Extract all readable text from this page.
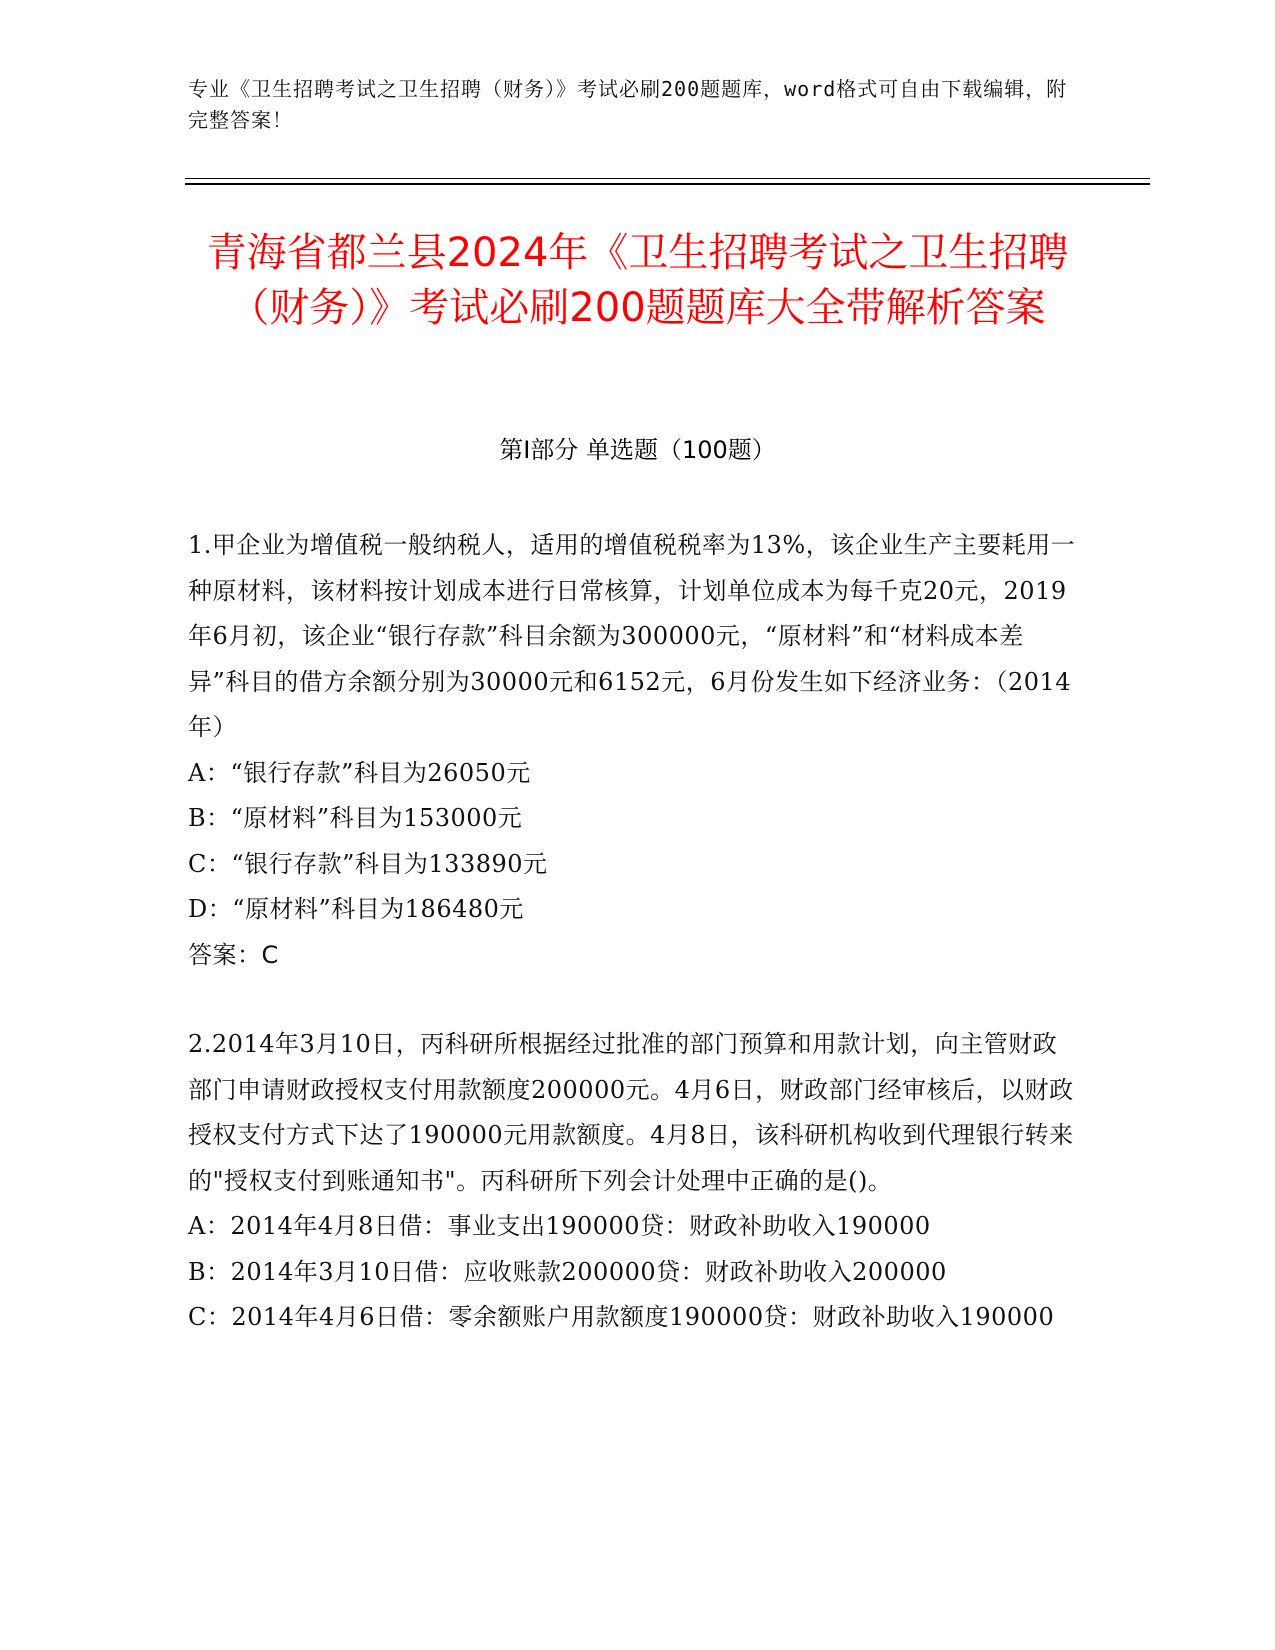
专业《卫生招聘考试之卫生招聘（财务）》考试必刷200题题库，word格式可自由下载编辑，附完整答案！
青海省都兰县2024年《卫生招聘考试之卫生招聘（财务）》考试必刷200题题库大全带解析答案
第Ⅰ部分 单选题（100题）
1.甲企业为增值税一般纳税人，适用的增值税税率为13%，该企业生产主要耗用一种原材料，该材料按计划成本进行日常核算，计划单位成本为每千克20元，2019年6月初，该企业“银行存款”科目余额为300000元，“原材料”和“材料成本差异”科目的借方余额分别为30000元和6152元，6月份发生如下经济业务：（2014年）
A：“银行存款”科目为26050元
B：“原材料”科目为153000元
C：“银行存款”科目为133890元
D：“原材料”科目为186480元
答案：C
2.2014年3月10日，丙科研所根据经过批准的部门预算和用款计划，向主管财政部门申请财政授权支付用款额度200000元。4月6日，财政部门经审核后，以财政授权支付方式下达了190000元用款额度。4月8日，该科研机构收到代理银行转来的"授权支付到账通知书"。丙科研所下列会计处理中正确的是()。
A：2014年4月8日借：事业支出190000贷：财政补助收入190000
B：2014年3月10日借：应收账款200000贷：财政补助收入200000
C：2014年4月6日借：零余额账户用款额度190000贷：财政补助收入190000
